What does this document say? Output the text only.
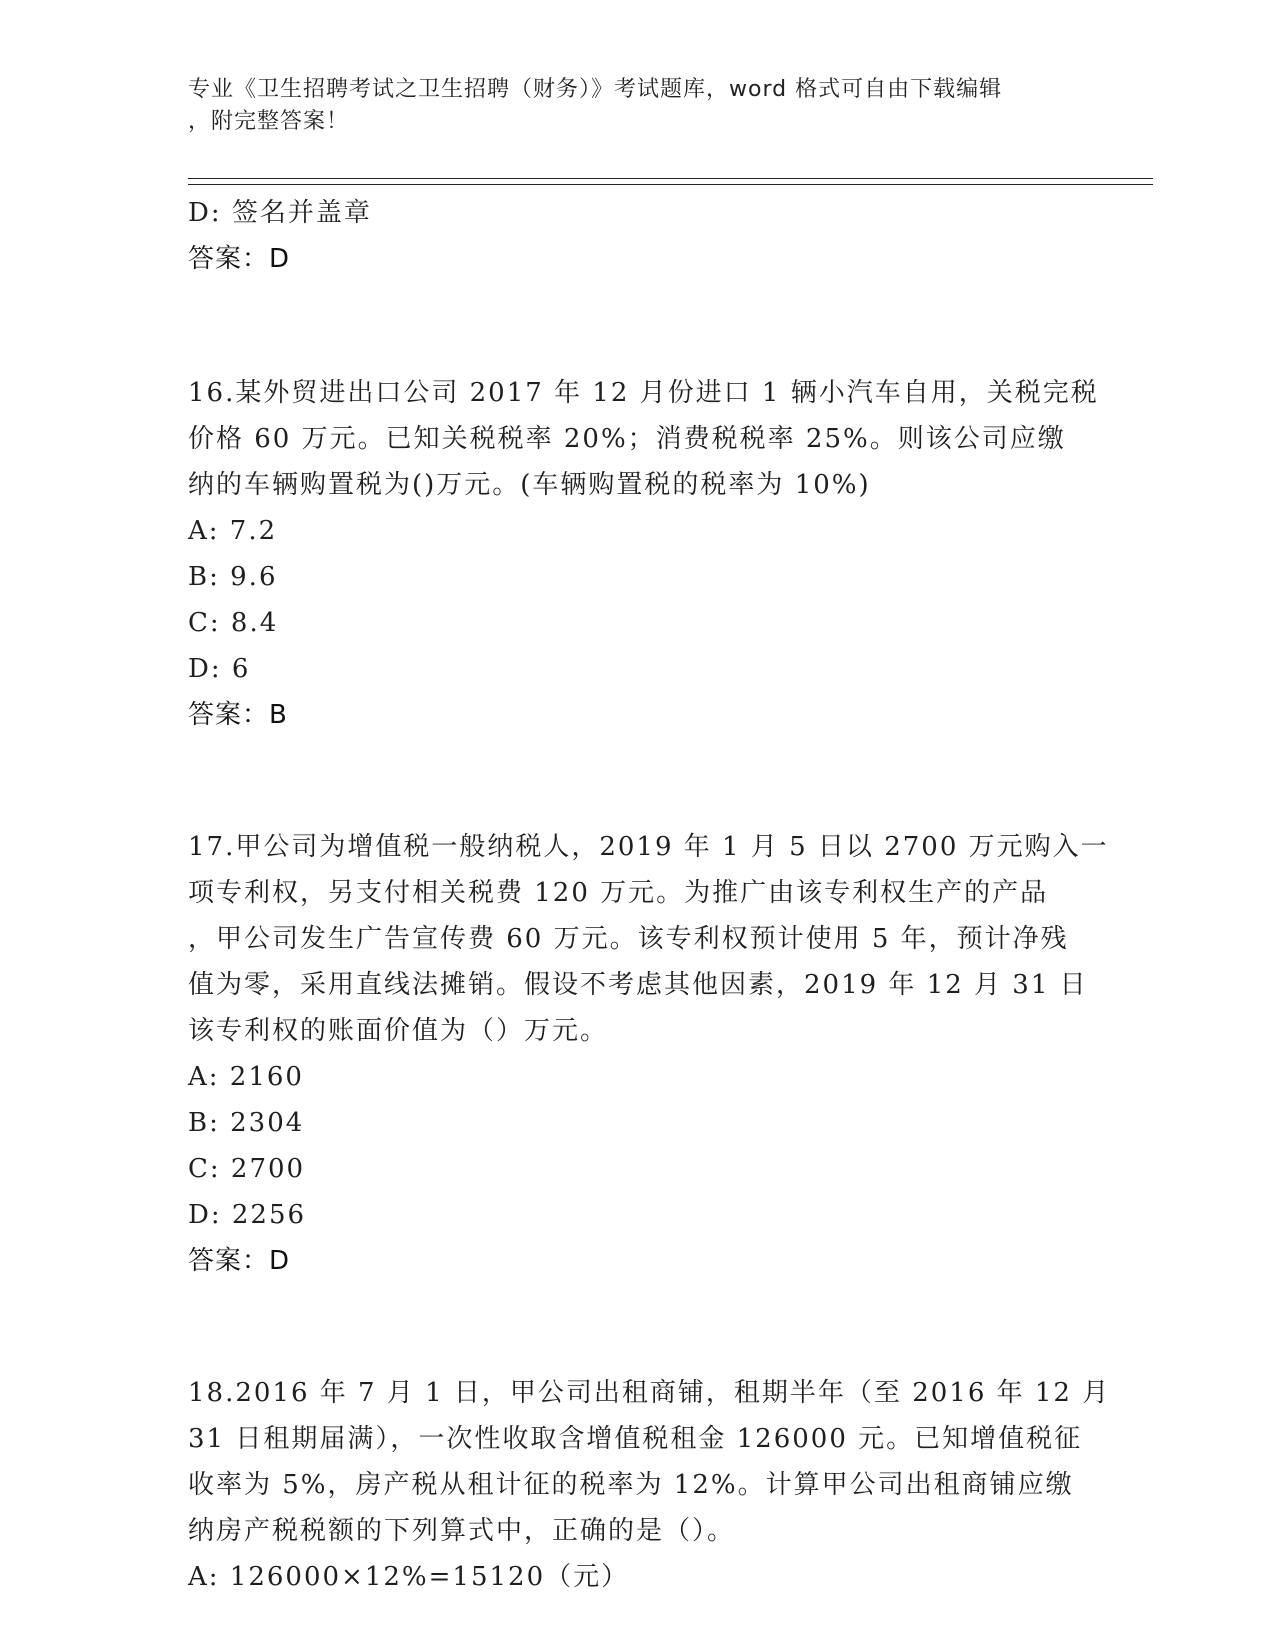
专业《卫生招聘考试之卫生招聘（财务）》考试题库，word 格式可自由下载编辑
，附完整答案！
D: 签名并盖章
答案：D
16.某外贸进出口公司 2017 年 12 月份进口 1 辆小汽车自用，关税完税
价格 60 万元。已知关税税率 20%；消费税税率 25%。则该公司应缴
纳的车辆购置税为()万元。(车辆购置税的税率为 10%)
A: 7.2
B: 9.6
C: 8.4
D: 6
答案：B
17.甲公司为增值税一般纳税人，2019 年 1 月 5 日以 2700 万元购入一
项专利权，另支付相关税费 120 万元。为推广由该专利权生产的产品
，甲公司发生广告宣传费 60 万元。该专利权预计使用 5 年，预计净残
值为零，采用直线法摊销。假设不考虑其他因素，2019 年 12 月 31 日
该专利权的账面价值为（）万元。
A: 2160
B: 2304
C: 2700
D: 2256
答案：D
18.2016 年 7 月 1 日，甲公司出租商铺，租期半年（至 2016 年 12 月
31 日租期届满），一次性收取含增值税租金 126000 元。已知增值税征
收率为 5%，房产税从租计征的税率为 12%。计算甲公司出租商铺应缴
纳房产税税额的下列算式中，正确的是（）。
A: 126000×12%=15120（元）
